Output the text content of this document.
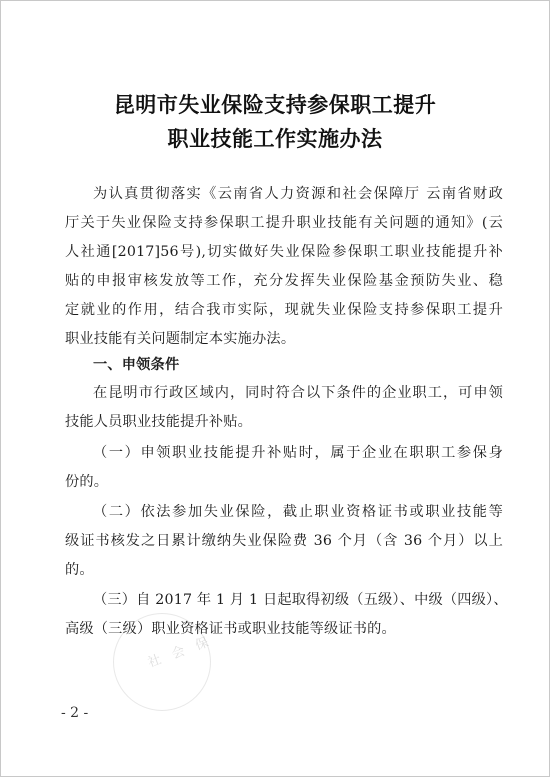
昆明市失业保险支持参保职工提升
职业技能工作实施办法
为认真贯彻落实《云南省人力资源和社会保障厅 云南省财政
厅关于失业保险支持参保职工提升职业技能有关问题的通知》(云
人社通[2017]56号),切实做好失业保险参保职工职业技能提升补
贴的申报审核发放等工作，充分发挥失业保险基金预防失业、稳
定就业的作用，结合我市实际，现就失业保险支持参保职工提升
职业技能有关问题制定本实施办法。
一、申领条件
在昆明市行政区域内，同时符合以下条件的企业职工，可申领
技能人员职业技能提升补贴。
（一）申领职业技能提升补贴时，属于企业在职职工参保身
份的。
（二）依法参加失业保险，截止职业资格证书或职业技能等
级证书核发之日累计缴纳失业保险费 36 个月（含 36 个月）以上
的。
（三）自 2017 年 1 月 1 日起取得初级（五级）、中级（四级）、
高级（三级）职业资格证书或职业技能等级证书的。
社 会 保
- 2 -
